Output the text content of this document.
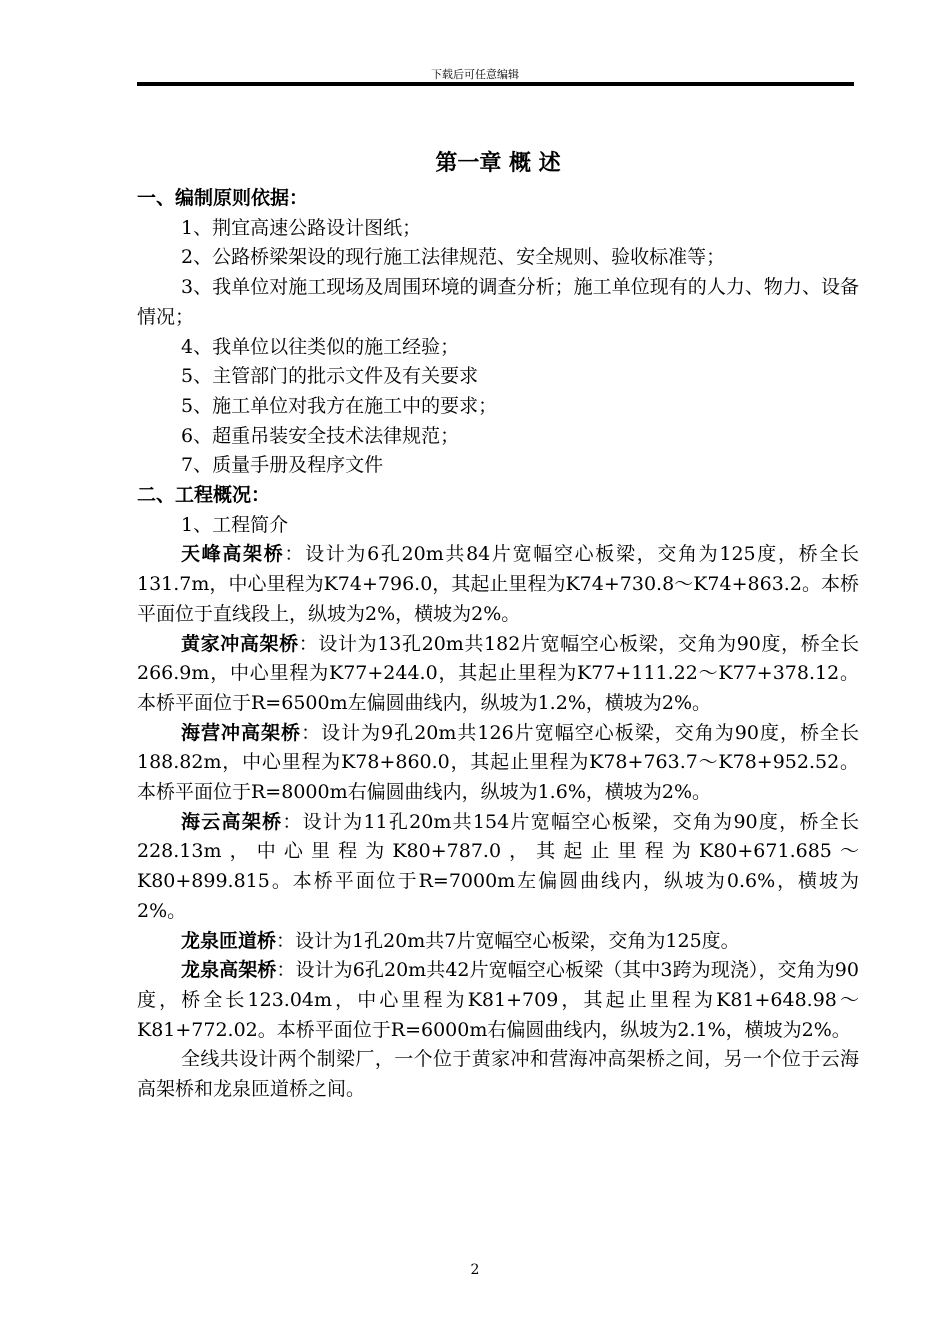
下载后可任意编辑
第一章 概 述
一、编制原则依据：
1、荆宜高速公路设计图纸；
2、公路桥梁架设的现行施工法律规范、安全规则、验收标准等；
3、我单位对施工现场及周围环境的调查分析；施工单位现有的人力、物力、设备情况；
4、我单位以往类似的施工经验；
5、主管部门的批示文件及有关要求
5、施工单位对我方在施工中的要求；
6、超重吊装安全技术法律规范；
7、质量手册及程序文件
二、工程概况：
1、工程简介
天峰高架桥：设计为6孔20m共84片宽幅空心板梁，交角为125度，桥全长131.7m，中心里程为K74+796.0，其起止里程为K74+730.8～K74+863.2。本桥平面位于直线段上，纵坡为2%，横坡为2%。
黄家冲高架桥：设计为13孔20m共182片宽幅空心板梁，交角为90度，桥全长266.9m，中心里程为K77+244.0，其起止里程为K77+111.22～K77+378.12。本桥平面位于R=6500m左偏圆曲线内，纵坡为1.2%，横坡为2%。
海营冲高架桥：设计为9孔20m共126片宽幅空心板梁，交角为90度，桥全长188.82m，中心里程为K78+860.0，其起止里程为K78+763.7～K78+952.52。本桥平面位于R=8000m右偏圆曲线内，纵坡为1.6%，横坡为2%。
海云高架桥：设计为11孔20m共154片宽幅空心板梁，交角为90度，桥全长228.13m，中心里程为K80+787.0，其起止里程为K80+671.685～K80+899.815。本桥平面位于R=7000m左偏圆曲线内，纵坡为0.6%，横坡为2%。
龙泉匝道桥：设计为1孔20m共7片宽幅空心板梁，交角为125度。
龙泉高架桥：设计为6孔20m共42片宽幅空心板梁（其中3跨为现浇），交角为90度，桥全长123.04m，中心里程为K81+709，其起止里程为K81+648.98～K81+772.02。本桥平面位于R=6000m右偏圆曲线内，纵坡为2.1%，横坡为2%。
全线共设计两个制梁厂，一个位于黄家冲和营海冲高架桥之间，另一个位于云海高架桥和龙泉匝道桥之间。
2
